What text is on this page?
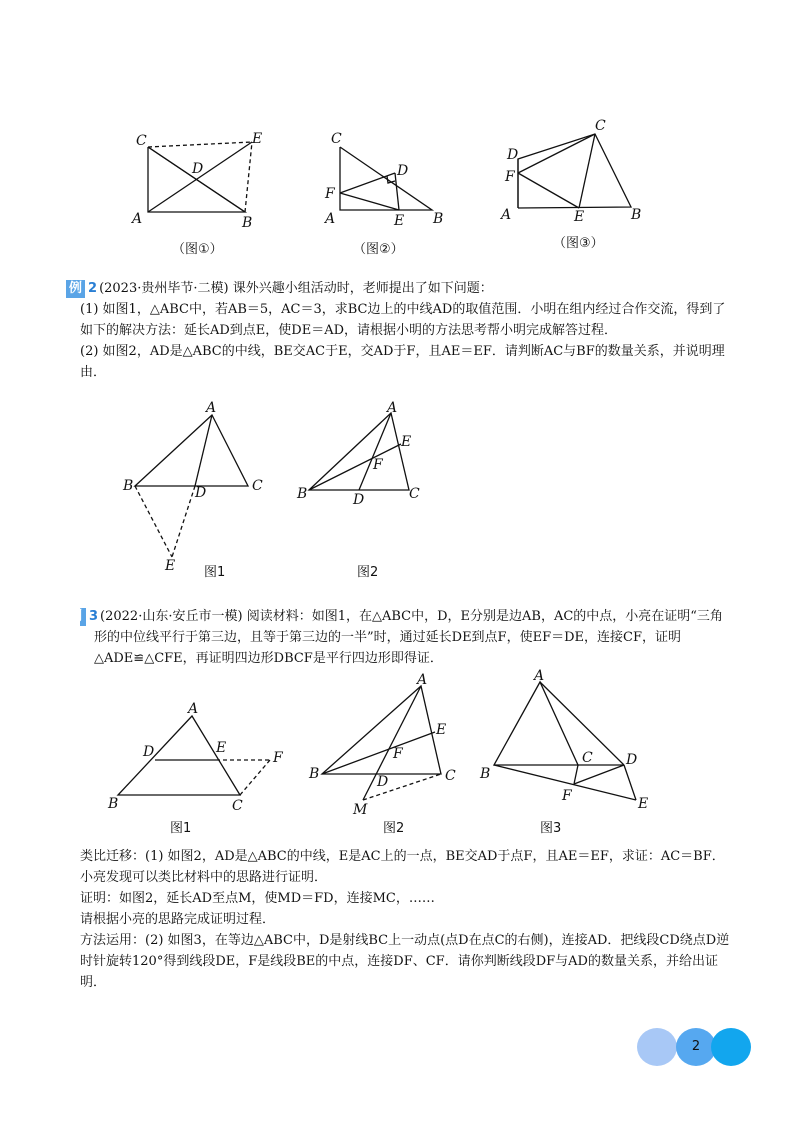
C	E
D
A	B
（图①）
C
D
F
A	E B
（图②）
C
D
F
A	E	B
（图③）

例 2 (2023·贵州毕节·二模) 课外兴趣小组活动时，老师提出了如下问题：

(1) 如图1，△ABC中，若AB＝5，AC＝3，求BC边上的中线AD的取值范围．小明在组内经过合作交流，得到了如下的解决方法：延长AD到点E，使DE＝AD，请根据小明的方法思考帮小明完成解答过程．

(2) 如图2，AD是△ABC的中线，BE交AC于E，交AD于F，且AE＝EF．请判断AC与BF的数量关系，并说明理由．

A
B	C
D
E 图1
A
E
F
B	D	C
图2

例 3 (2022·山东·安丘市一模) 阅读材料：如图1，在△ABC中，D，E分别是边AB，AC的中点，小亮在证明“三角形的中位线平行于第三边，且等于第三边的一半”时，通过延长DE到点F，使EF＝DE，连接CF，证明△ADE≌△CFE，再证明四边形DBCF是平行四边形即得证．

A
D	E
F
B	C
图1
A
E
F
B	D	C
M
图2
A
C D
B
F	E
图3

类比迁移：(1) 如图2，AD是△ABC的中线，E是AC上的一点，BE交AD于点F，且AE＝EF，求证：AC＝BF．

小亮发现可以类比材料中的思路进行证明．

证明：如图2，延长AD至点M，使MD＝FD，连接MC，……

请根据小亮的思路完成证明过程．

方法运用：(2) 如图3，在等边△ABC中，D是射线BC上一动点(点D在点C的右侧)，连接AD．把线段CD绕点D逆时针旋转120°得到线段DE，F是线段BE的中点，连接DF、CF．请你判断线段DF与AD的数量关系，并给出证明．

2
